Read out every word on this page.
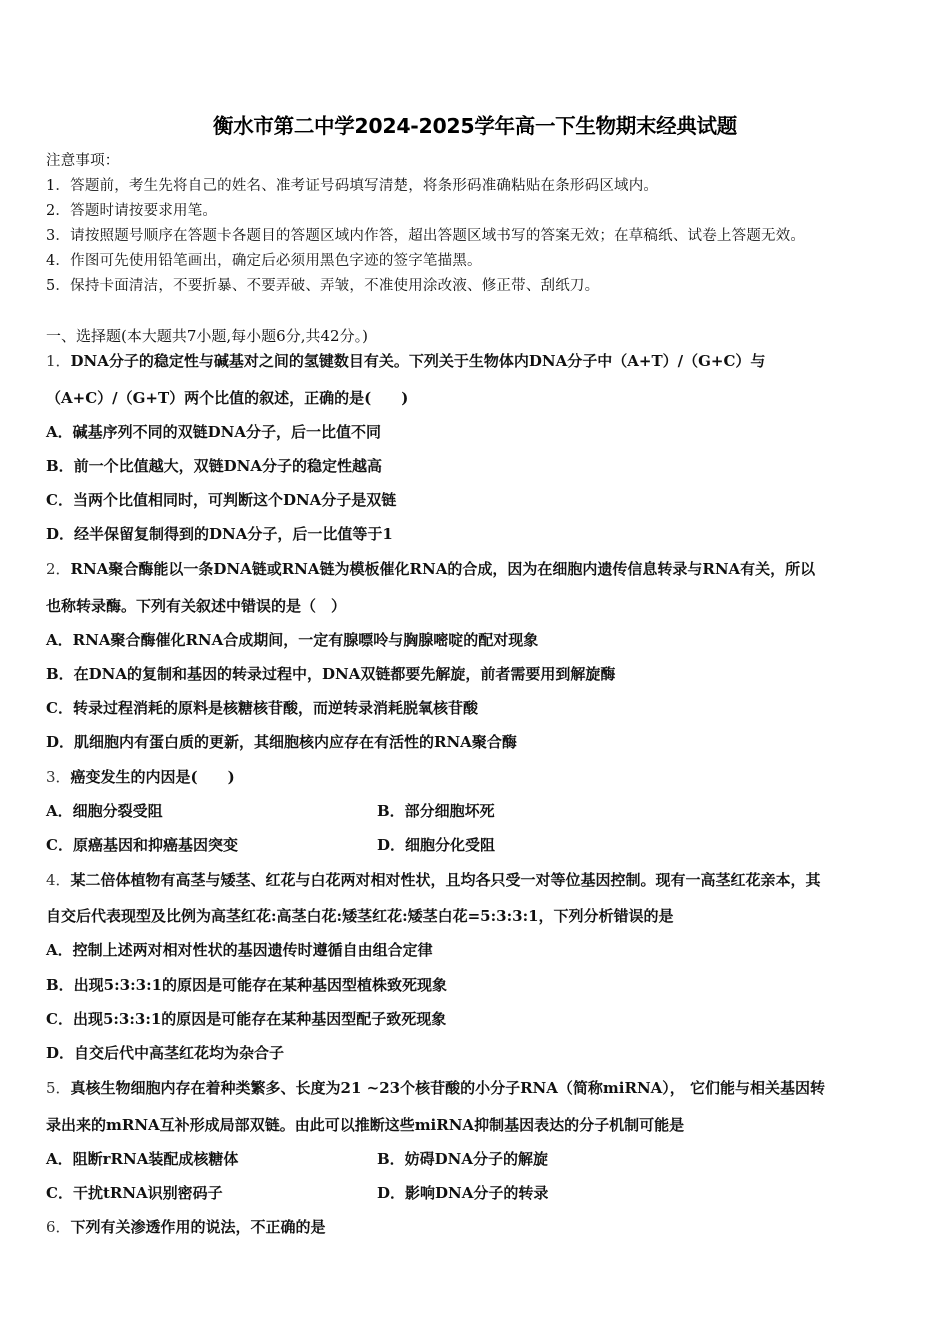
衡水市第二中学2024-2025学年高一下生物期末经典试题
注意事项：
1．答题前，考生先将自己的姓名、准考证号码填写清楚，将条形码准确粘贴在条形码区域内。
2．答题时请按要求用笔。
3．请按照题号顺序在答题卡各题目的答题区域内作答，超出答题区域书写的答案无效；在草稿纸、试卷上答题无效。
4．作图可先使用铅笔画出，确定后必须用黑色字迹的签字笔描黑。
5．保持卡面清洁，不要折暴、不要弄破、弄皱，不准使用涂改液、修正带、刮纸刀。
一、选择题(本大题共7小题,每小题6分,共42分。)
1．DNA分子的稳定性与碱基对之间的氢键数目有关。下列关于生物体内DNA分子中（A+T）/（G+C）与
（A+C）/（G+T）两个比值的叙述，正确的是(　　)
A．碱基序列不同的双链DNA分子，后一比值不同
B．前一个比值越大，双链DNA分子的稳定性越高
C．当两个比值相同时，可判断这个DNA分子是双链
D．经半保留复制得到的DNA分子，后一比值等于1
2．RNA聚合酶能以一条DNA链或RNA链为模板催化RNA的合成，因为在细胞内遗传信息转录与RNA有关，所以
也称转录酶。下列有关叙述中错误的是（　）
A．RNA聚合酶催化RNA合成期间，一定有腺嘌呤与胸腺嘧啶的配对现象
B．在DNA的复制和基因的转录过程中，DNA双链都要先解旋，前者需要用到解旋酶
C．转录过程消耗的原料是核糖核苷酸，而逆转录消耗脱氧核苷酸
D．肌细胞内有蛋白质的更新，其细胞核内应存在有活性的RNA聚合酶
3．癌变发生的内因是(　　)
A．细胞分裂受阻	B．部分细胞坏死
C．原癌基因和抑癌基因突变	D．细胞分化受阻
4．某二倍体植物有高茎与矮茎、红花与白花两对相对性状，且均各只受一对等位基因控制。现有一高茎红花亲本，其
自交后代表现型及比例为高茎红花:高茎白花:矮茎红花:矮茎白花=5:3:3:1，下列分析错误的是
A．控制上述两对相对性状的基因遗传时遵循自由组合定律
B．出现5:3:3:1的原因是可能存在某种基因型植株致死现象
C．出现5:3:3:1的原因是可能存在某种基因型配子致死现象
D．自交后代中高茎红花均为杂合子
5．真核生物细胞内存在着种类繁多、长度为21 ~23个核苷酸的小分子RNA（简称miRNA）， 它们能与相关基因转
录出来的mRNA互补形成局部双链。由此可以推断这些miRNA抑制基因表达的分子机制可能是
A．阻断rRNA装配成核糖体	B．妨碍DNA分子的解旋
C．干扰tRNA识别密码子	D．影响DNA分子的转录
6．下列有关渗透作用的说法，不正确的是
